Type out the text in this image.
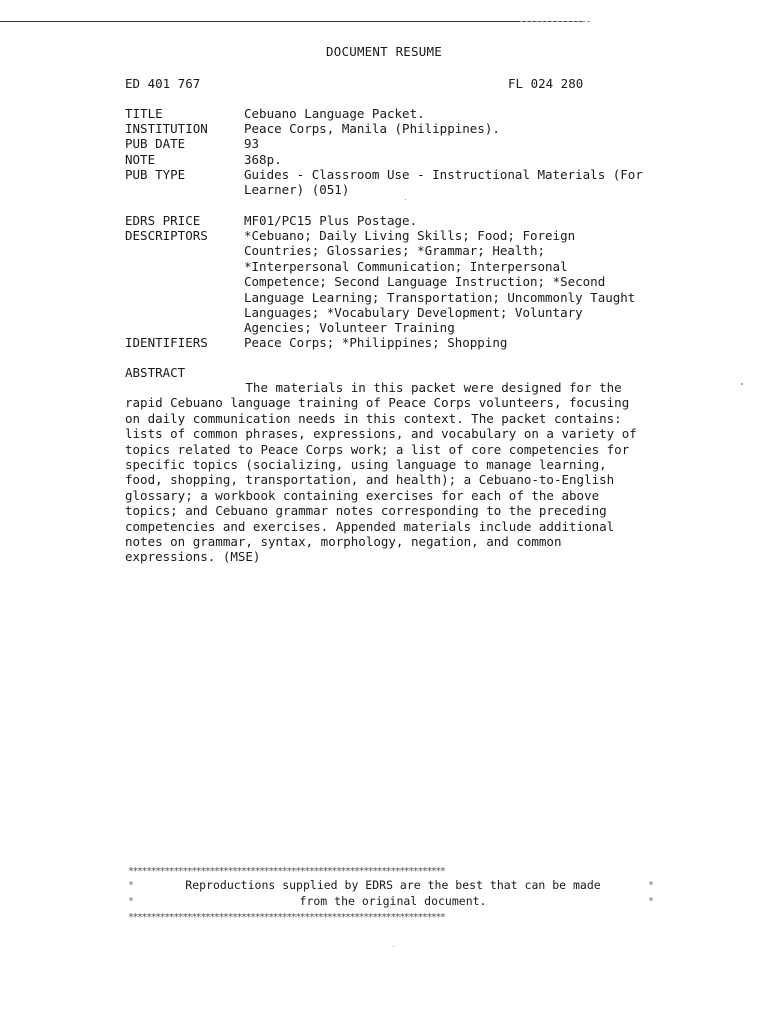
DOCUMENT RESUME
ED 401 767	FL 024 280
TITLE	Cebuano Language Packet.
INSTITUTION	Peace Corps, Manila (Philippines).
PUB DATE	93
NOTE	368p.
PUB TYPE	Guides - Classroom Use - Instructional Materials (For
Learner) (051)
EDRS PRICE	MF01/PC15 Plus Postage.
DESCRIPTORS	*Cebuano; Daily Living Skills; Food; Foreign
Countries; Glossaries; *Grammar; Health;
*Interpersonal Communication; Interpersonal
Competence; Second Language Instruction; *Second
Language Learning; Transportation; Uncommonly Taught
Languages; *Vocabulary Development; Voluntary
Agencies; Volunteer Training
IDENTIFIERS	Peace Corps; *Philippines; Shopping
ABSTRACT
The materials in this packet were designed for the
rapid Cebuano language training of Peace Corps volunteers, focusing
on daily communication needs in this context. The packet contains:
lists of common phrases, expressions, and vocabulary on a variety of
topics related to Peace Corps work; a list of core competencies for
specific topics (socializing, using language to manage learning,
food, shopping, transportation, and health); a Cebuano-to-English
glossary; a workbook containing exercises for each of the above
topics; and Cebuano grammar notes corresponding to the preceding
competencies and exercises. Appended materials include additional
notes on grammar, syntax, morphology, negation, and common
expressions. (MSE)
**********************************************************************

*

	Reproductions supplied by EDRS are the best that can be made

	*

*

	from the original document.

	*

**********************************************************************
